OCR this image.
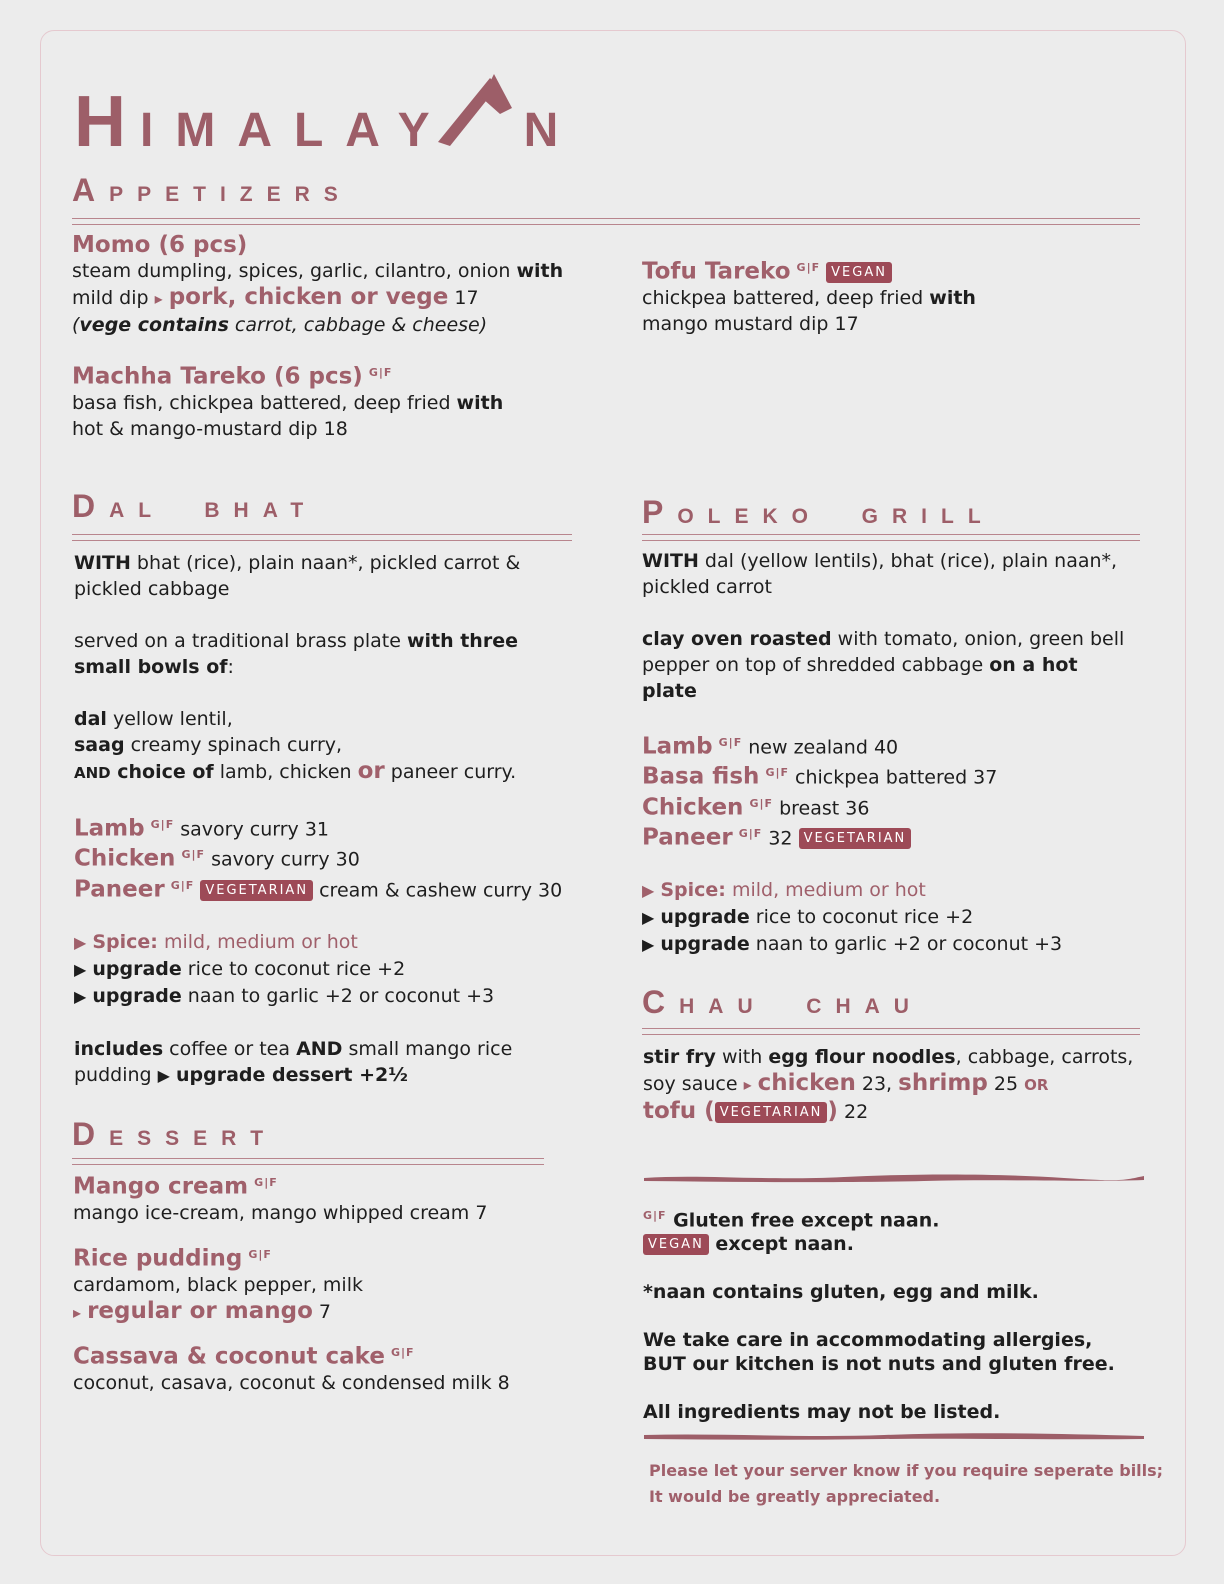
HIMALAY N
APPETIZERS
Momo (6 pcs)
steam dumpling, spices, garlic, cilantro, onion with
mild dip ▸ pork, chicken or vege 17
(vege contains carrot, cabbage & cheese)
Machha Tareko (6 pcs) $^{G|F}$
basa fish, chickpea battered, deep fried with
hot & mango-mustard dip 18
Tofu Tareko $^{G|F}$ VEGAN
chickpea battered, deep fried with
mango mustard dip 17
DAL  BHAT
WITH bhat (rice), plain naan*, pickled carrot & pickled cabbage
served on a traditional brass plate with three small bowls of:
dal yellow lentil,
saag creamy spinach curry,
AND choice of lamb, chicken or paneer curry.
Lamb $^{G|F}$ savory curry 31
Chicken $^{G|F}$ savory curry 30
Paneer $^{G|F}$ VEGETARIAN cream & cashew curry 30
▶ Spice: mild, medium or hot
▶ upgrade rice to coconut rice +2
▶ upgrade naan to garlic +2 or coconut +3
includes coffee or tea AND small mango rice pudding ▶ upgrade dessert +2½
POLEKO  GRILL
WITH dal (yellow lentils), bhat (rice), plain naan*, pickled carrot
clay oven roasted with tomato, onion, green bell pepper on top of shredded cabbage on a hot plate
Lamb $^{G|F}$ new zealand 40
Basa fish $^{G|F}$ chickpea battered 37
Chicken $^{G|F}$ breast 36
Paneer $^{G|F}$ 32 VEGETARIAN
▶ Spice: mild, medium or hot
▶ upgrade rice to coconut rice +2
▶ upgrade naan to garlic +2 or coconut +3
CHAU  CHAU
stir fry with egg flour noodles, cabbage, carrots, soy sauce ▸ chicken 23, shrimp 25 OR
tofu ( VEGETARIAN ) 22
DESSERT
Mango cream $^{G|F}$
mango ice-cream, mango whipped cream 7
Rice pudding $^{G|F}$
cardamom, black pepper, milk
▸ regular or mango 7
Cassava & coconut cake $^{G|F}$
coconut, casava, coconut & condensed milk 8
$^{G|F}$ Gluten free except naan.
VEGAN except naan.
*naan contains gluten, egg and milk.
We take care in accommodating allergies,
BUT our kitchen is not nuts and gluten free.
All ingredients may not be listed.
Please let your server know if you require seperate bills;
It would be greatly appreciated.
